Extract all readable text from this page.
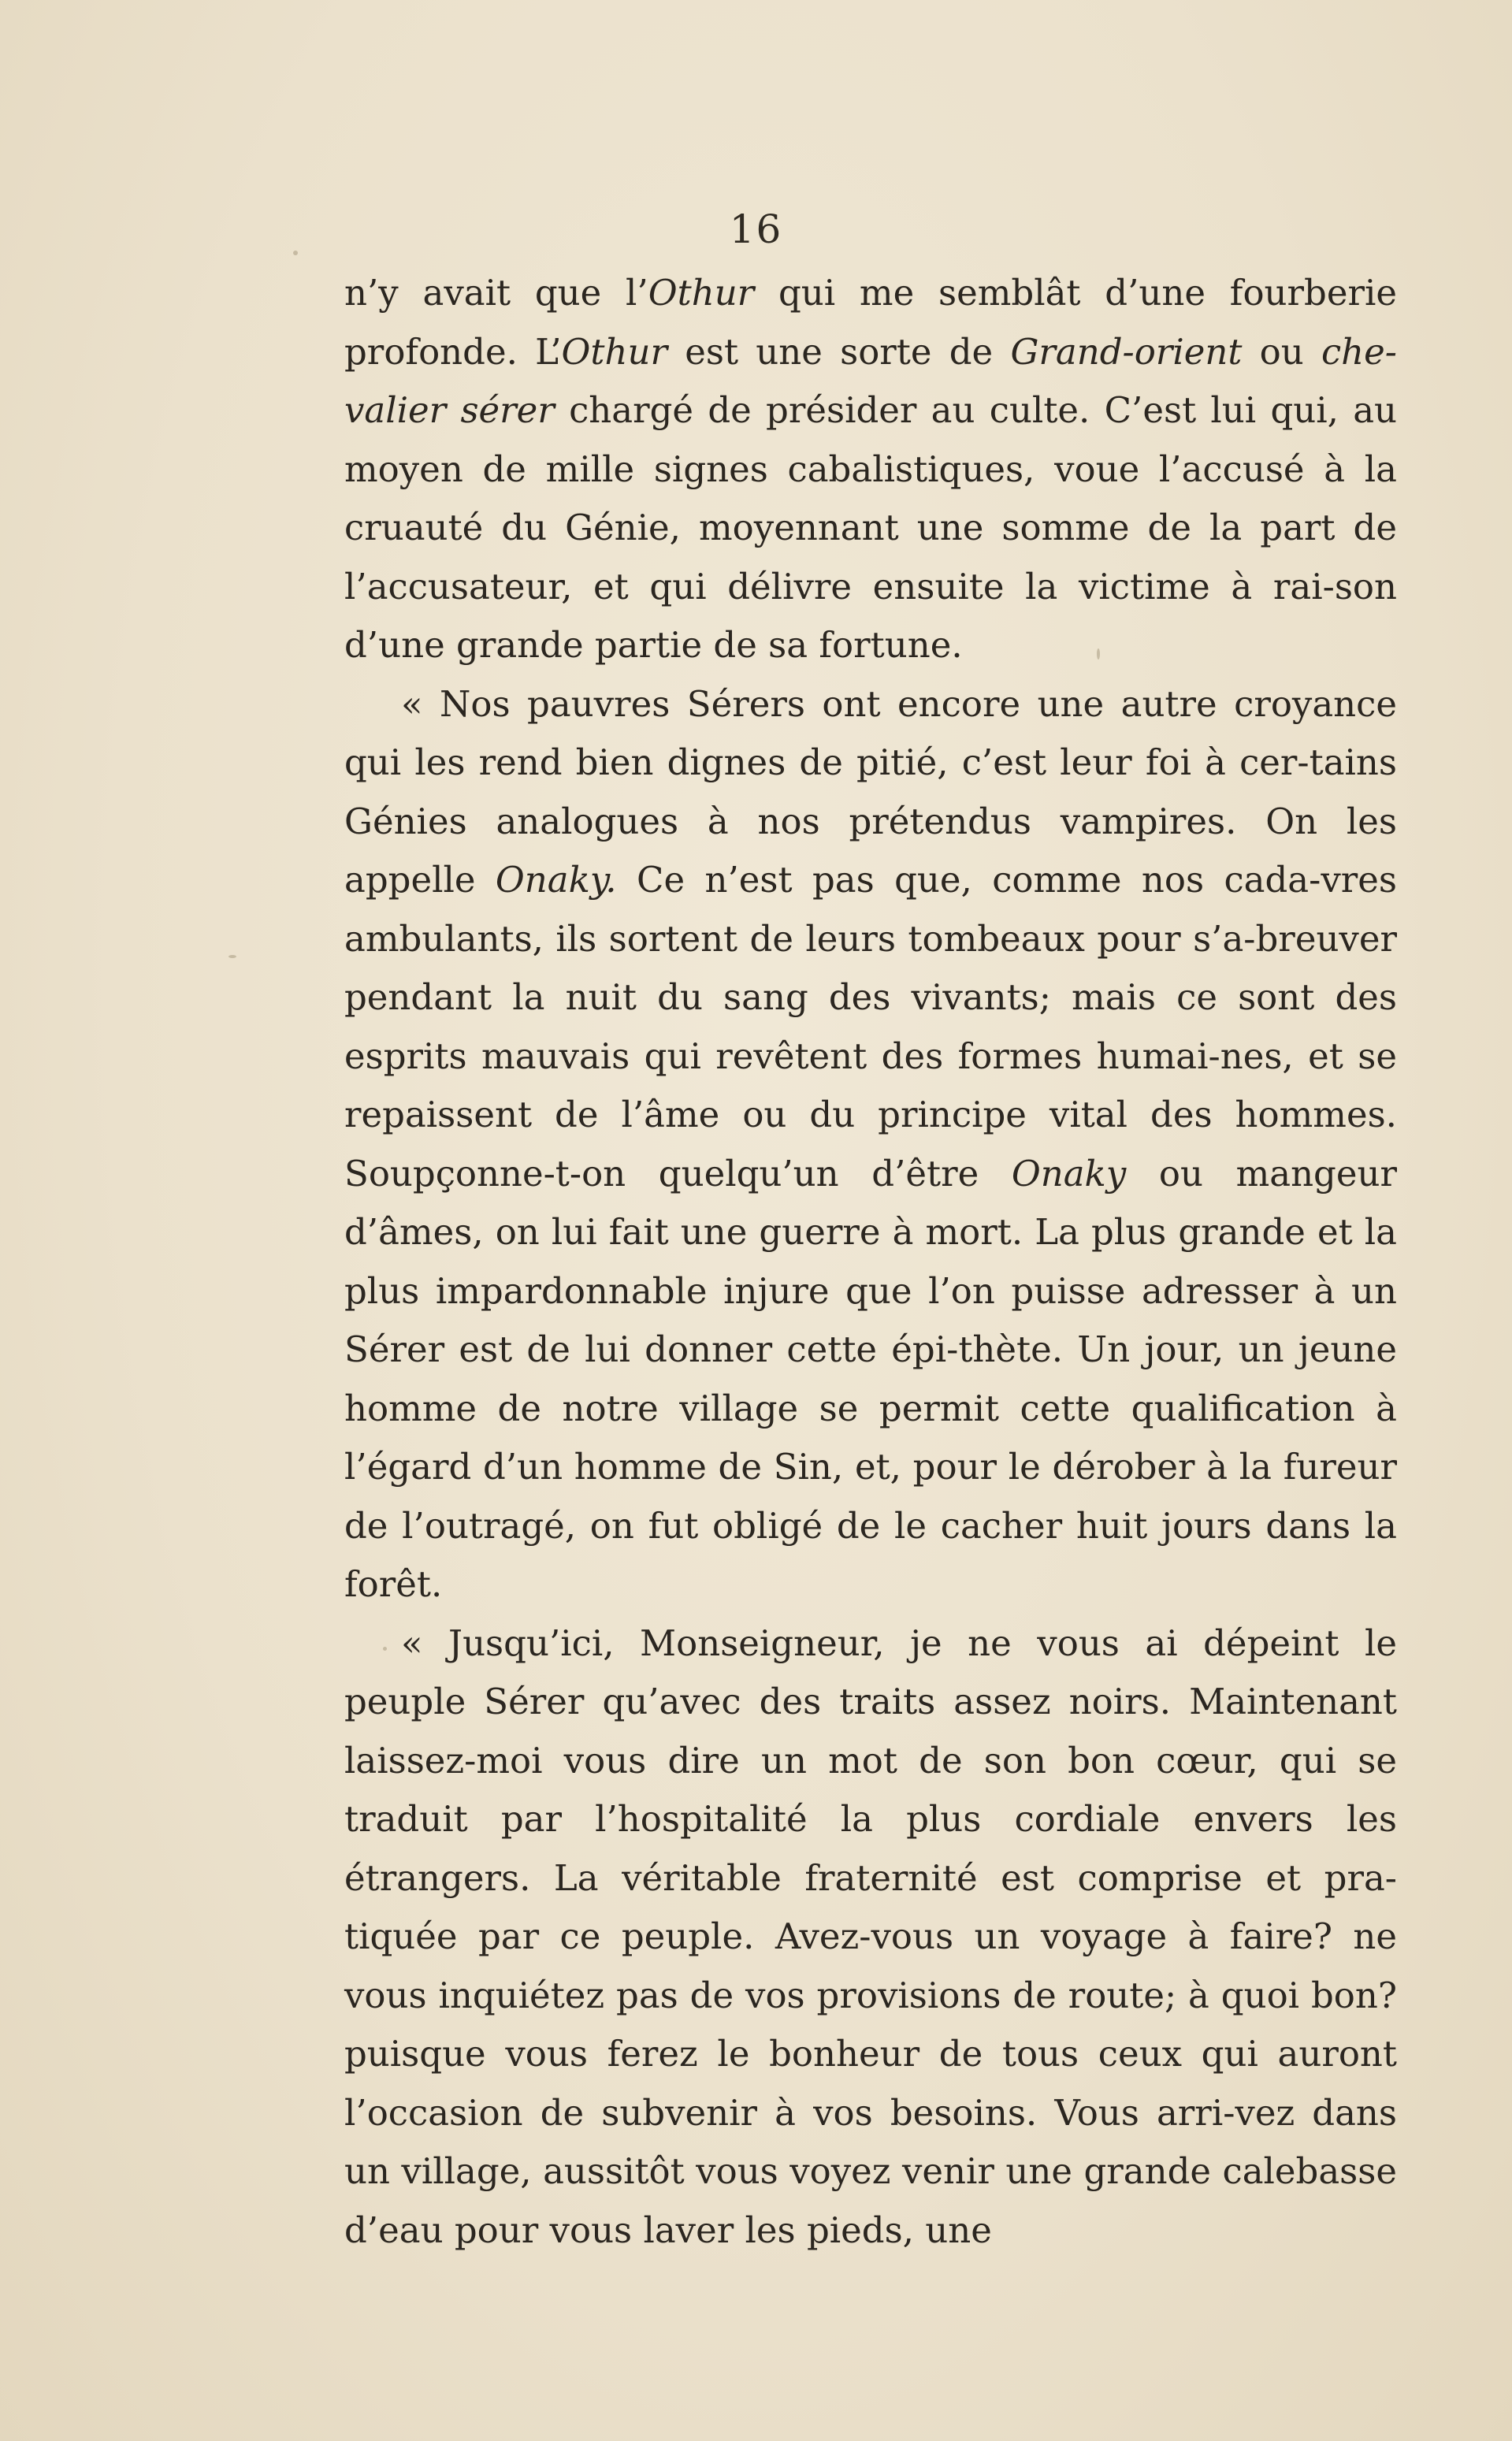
16

n’y avait que l’Othur qui me semblât d’une fourberie profonde. L’Othur est une sorte de Grand-orient ou che-valier sérer chargé de présider au culte. C’est lui qui, au moyen de mille signes cabalistiques, voue l’accusé à la cruauté du Génie, moyennant une somme de la part de l’accusateur, et qui délivre ensuite la victime à rai-son d’une grande partie de sa fortune.

« Nos pauvres Sérers ont encore une autre croyance qui les rend bien dignes de pitié, c’est leur foi à cer-tains Génies analogues à nos prétendus vampires. On les appelle Onaky. Ce n’est pas que, comme nos cada-vres ambulants, ils sortent de leurs tombeaux pour s’a-breuver pendant la nuit du sang des vivants; mais ce sont des esprits mauvais qui revêtent des formes humai-nes, et se repaissent de l’âme ou du principe vital des hommes. Soupçonne-t-on quelqu’un d’être Onaky ou mangeur d’âmes, on lui fait une guerre à mort. La plus grande et la plus impardonnable injure que l’on puisse adresser à un Sérer est de lui donner cette épi-thète. Un jour, un jeune homme de notre village se permit cette qualification à l’égard d’un homme de Sin, et, pour le dérober à la fureur de l’outragé, on fut obligé de le cacher huit jours dans la forêt.

« Jusqu’ici, Monseigneur, je ne vous ai dépeint le peuple Sérer qu’avec des traits assez noirs. Maintenant laissez-moi vous dire un mot de son bon cœur, qui se traduit par l’hospitalité la plus cordiale envers les étrangers. La véritable fraternité est comprise et pra-tiquée par ce peuple. Avez-vous un voyage à faire? ne vous inquiétez pas de vos provisions de route; à quoi bon? puisque vous ferez le bonheur de tous ceux qui auront l’occasion de subvenir à vos besoins. Vous arri-vez dans un village, aussitôt vous voyez venir une grande calebasse d’eau pour vous laver les pieds, une
